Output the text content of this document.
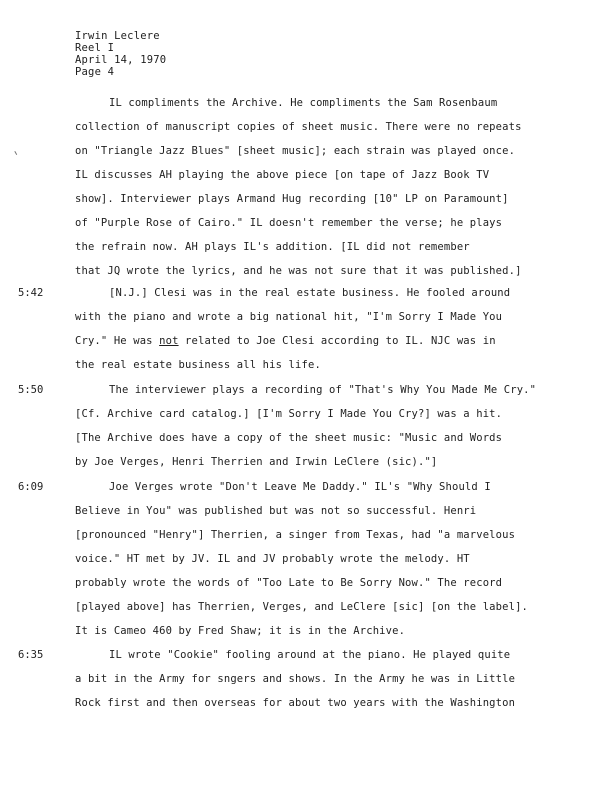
Irwin Leclere
Reel I
April 14, 1970
Page 4
5:42
5:50
6:09
6:35
IL compliments the Archive. He compliments the Sam Rosenbaum
collection of manuscript copies of sheet music. There were no repeats
on "Triangle Jazz Blues" [sheet music]; each strain was played once.
IL discusses AH playing the above piece [on tape of Jazz Book TV
show]. Interviewer plays Armand Hug recording [10" LP on Paramount]
of "Purple Rose of Cairo." IL doesn't remember the verse; he plays
the refrain now. AH plays IL's addition. [IL did not remember
that JQ wrote the lyrics, and he was not sure that it was published.]
[N.J.] Clesi was in the real estate business. He fooled around
with the piano and wrote a big national hit, "I'm Sorry I Made You
Cry." He was not related to Joe Clesi according to IL. NJC was in
the real estate business all his life.
The interviewer plays a recording of "That's Why You Made Me Cry."
[Cf. Archive card catalog.] [I'm Sorry I Made You Cry?] was a hit.
[The Archive does have a copy of the sheet music: "Music and Words
by Joe Verges, Henri Therrien and Irwin LeClere (sic)."]
Joe Verges wrote "Don't Leave Me Daddy." IL's "Why Should I
Believe in You" was published but was not so successful. Henri
[pronounced "Henry"] Therrien, a singer from Texas, had "a marvelous
voice." HT met by JV. IL and JV probably wrote the melody. HT
probably wrote the words of "Too Late to Be Sorry Now." The record
[played above] has Therrien, Verges, and LeClere [sic] [on the label].
It is Cameo 460 by Fred Shaw; it is in the Archive.
IL wrote "Cookie" fooling around at the piano. He played quite
a bit in the Army for sngers and shows. In the Army he was in Little
Rock first and then overseas for about two years with the Washington
